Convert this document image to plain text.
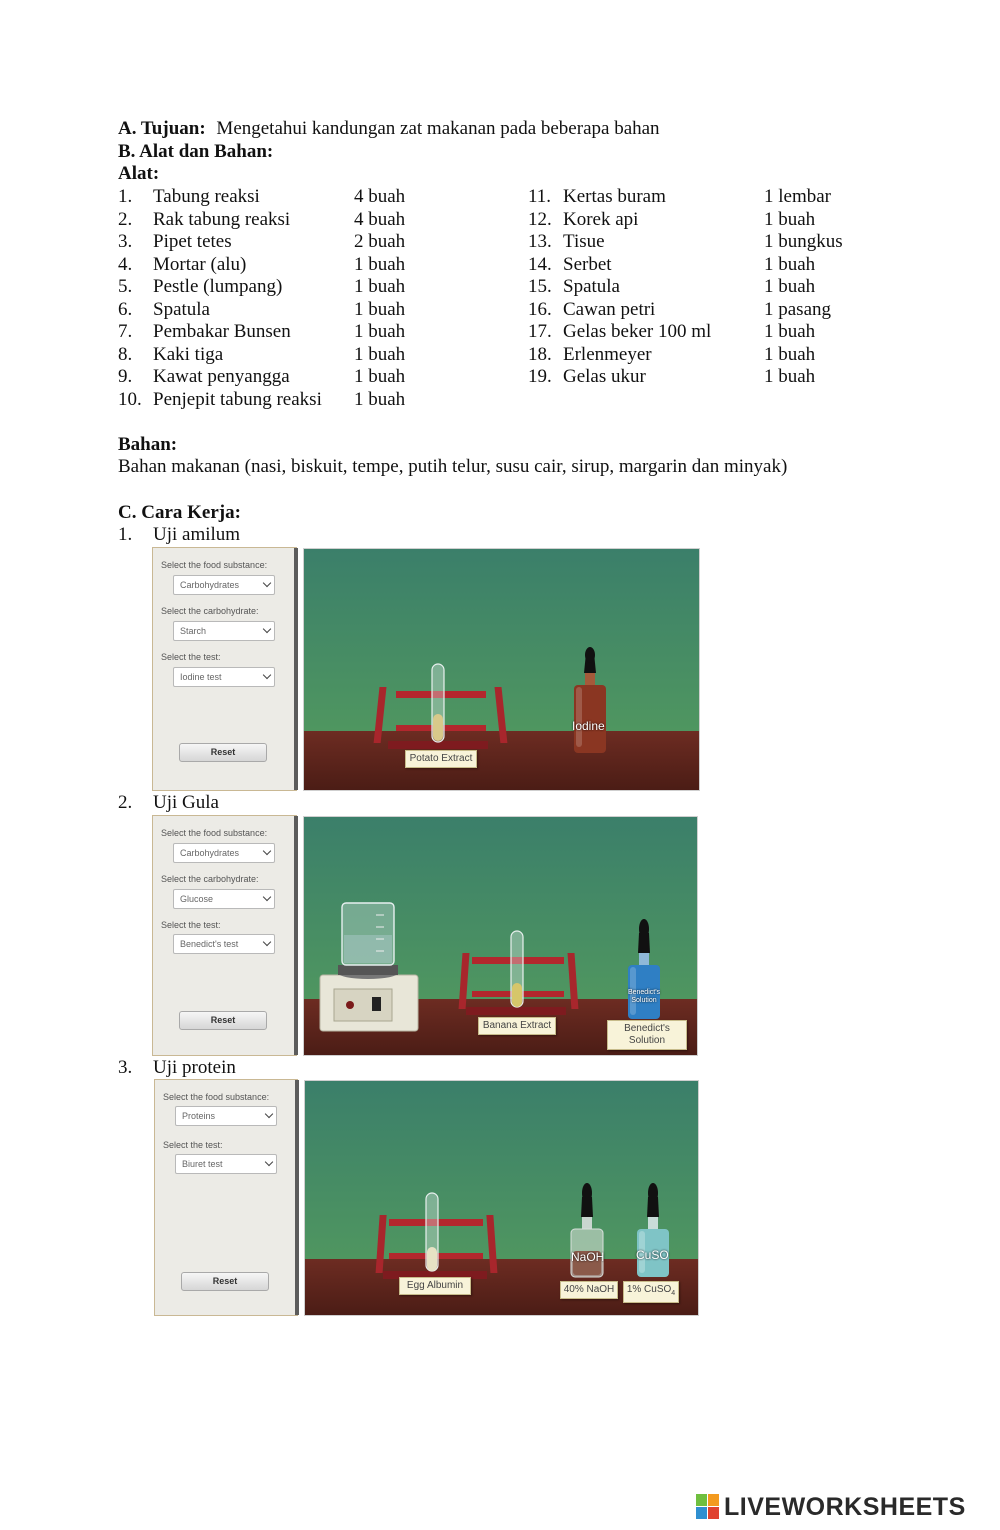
A. Tujuan: Mengetahui kandungan zat makanan pada beberapa bahan
B. Alat dan Bahan:
Alat:
1. Tabung reaksi	4 buah
2. Rak tabung reaksi	4 buah
3. Pipet tetes	2 buah
4. Mortar (alu)	1 buah
5. Pestle (lumpang)	1 buah
6. Spatula	1 buah
7. Pembakar Bunsen	1 buah
8. Kaki tiga	1 buah
9. Kawat penyangga	1 buah
10. Penjepit tabung reaksi 1 buah
11. Kertas buram	1 lembar
12. Korek api	1 buah
13. Tisue	1 bungkus
14. Serbet	1 buah
15. Spatula	1 buah
16. Cawan petri	1 pasang
17. Gelas beker 100 ml	1 buah
18. Erlenmeyer	1 buah
19. Gelas ukur	1 buah
Bahan:
Bahan makanan (nasi, biskuit, tempe, putih telur, susu cair, sirup, margarin dan minyak)
C. Cara Kerja:
1. Uji amilum
Select the food substance:
Carbohydrates
Select the carbohydrate:
Starch
Select the test:
Iodine test
Reset
Iodine
Potato Extract
2. Uji Gula
Select the food substance:
Carbohydrates
Select the carbohydrate:
Glucose
Select the test:
Benedict's test
Reset
Benedict's Solution
Banana Extract	Benedict's Solution
3. Uji protein
Select the food substance:
Proteins
Select the test:
Biuret test
Reset
NaOH	CuSO
Egg Albumin	40% NaOH	1% CuSO$_4$
LIVEWORKSHEETS
